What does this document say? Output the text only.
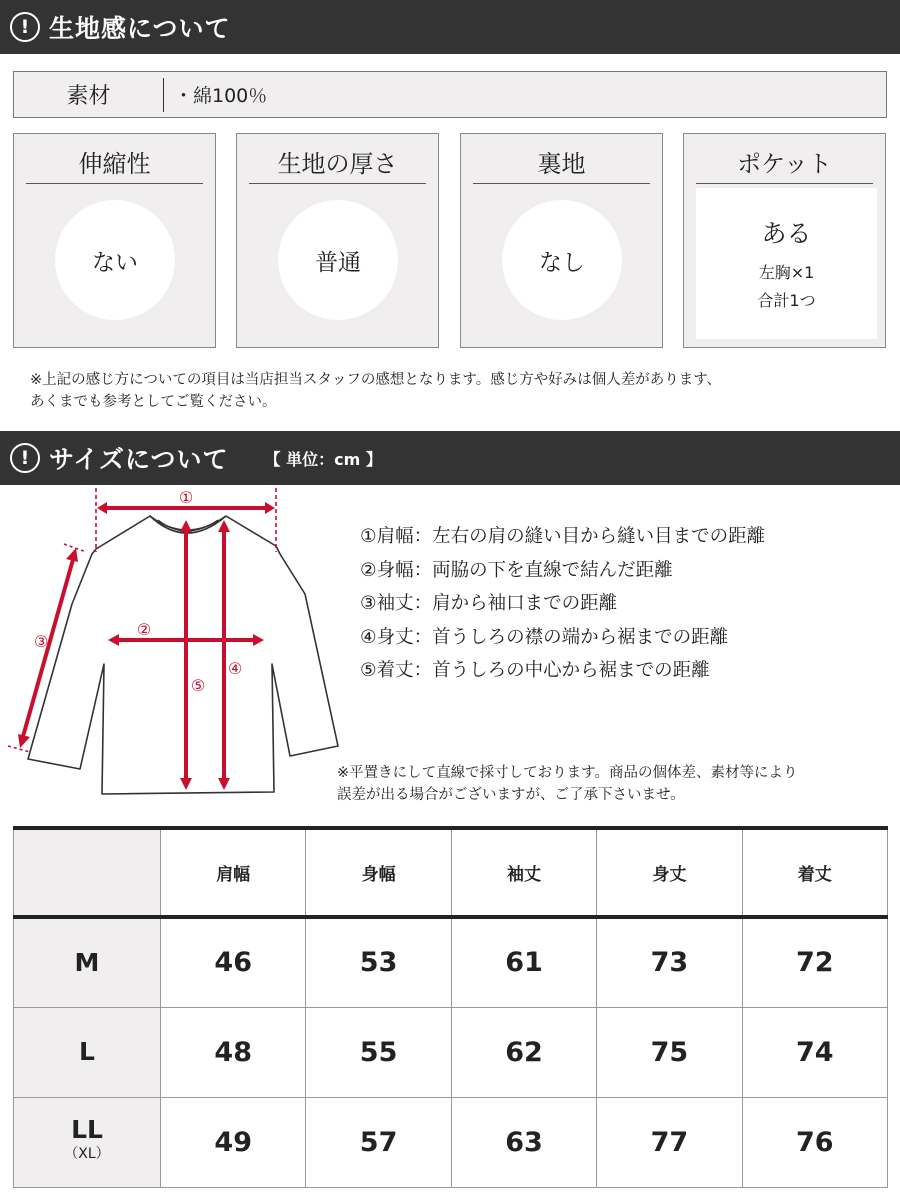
! 生地感について
素材	・綿100％
伸縮性
ない
生地の厚さ
普通
裏地
なし
ポケット
ある
左胸×1
合計1つ
※上記の感じ方についての項目は当店担当スタッフの感想となります。感じ方や好みは個人差があります、
あくまでも参考としてご覧ください。
! サイズについて 【 単位：cm 】
①
②
③
④
⑤
①肩幅：左右の肩の縫い目から縫い目までの距離
②身幅：両脇の下を直線で結んだ距離
③袖丈：肩から袖口までの距離
④身丈：首うしろの襟の端から裾までの距離
⑤着丈：首うしろの中心から裾までの距離
※平置きにして直線で採寸しております。商品の個体差、素材等により
誤差が出る場合がございますが、ご了承下さいませ。
	肩幅	身幅	袖丈	身丈	着丈
M	46	53	61	73	72
L	48	55	62	75	74
LL
（XL）	49	57	63	77	76
